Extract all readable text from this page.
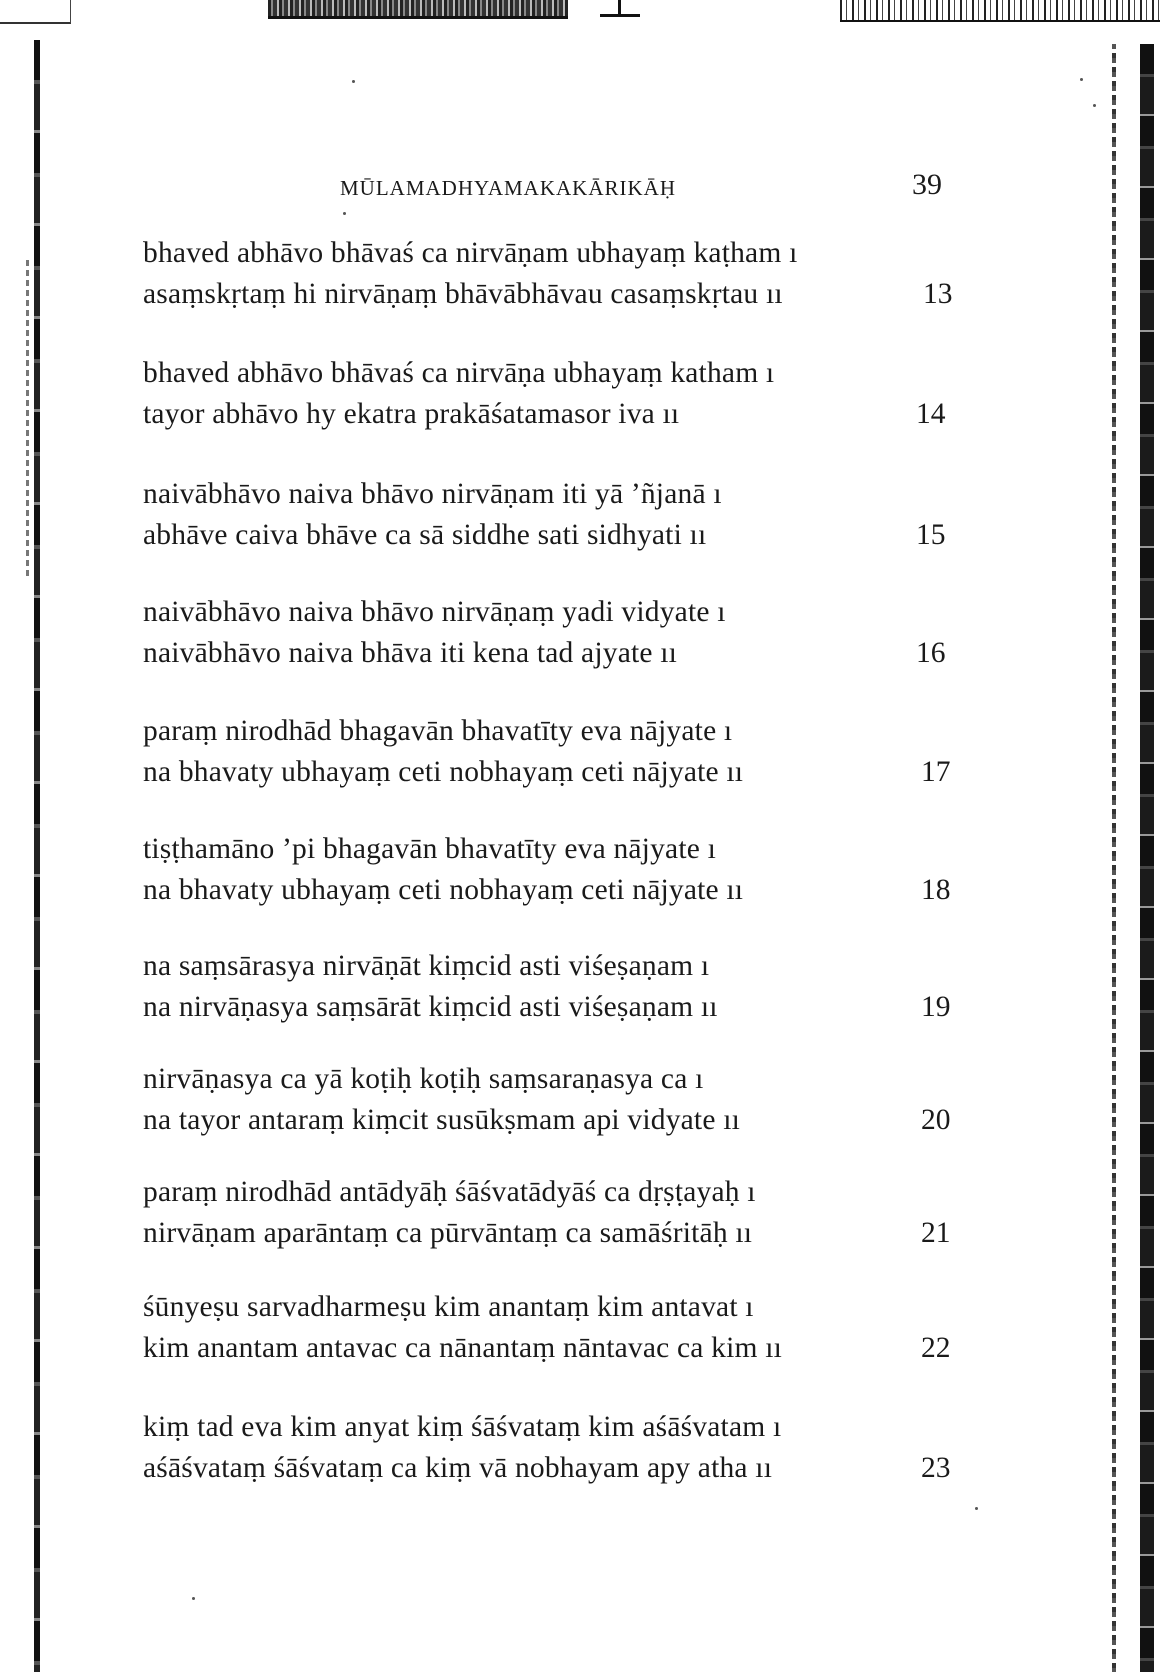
MŪLAMADHYAMAKAKĀRIKĀḤ	39
bhaved abhāvo bhāvaś ca nirvāṇam ubhayaṃ kaṭham ı
asaṃskṛtaṃ hi nirvāṇaṃ bhāvābhāvau casaṃskṛtau ıı	13
bhaved abhāvo bhāvaś ca nirvāṇa ubhayaṃ katham ı
tayor abhāvo hy ekatra prakāśatamasor iva ıı	14
naivābhāvo naiva bhāvo nirvāṇam iti yā ’ñjanā ı
abhāve caiva bhāve ca sā siddhe sati sidhyati ıı	15
naivābhāvo naiva bhāvo nirvāṇaṃ yadi vidyate ı
naivābhāvo naiva bhāva iti kena tad ajyate ıı	16
paraṃ nirodhād bhagavān bhavatīty eva nājyate ı
na bhavaty ubhayaṃ ceti nobhayaṃ ceti nājyate ıı	17
tiṣṭhamāno ’pi bhagavān bhavatīty eva nājyate ı
na bhavaty ubhayaṃ ceti nobhayaṃ ceti nājyate ıı	18
na saṃsārasya nirvāṇāt kiṃcid asti viśeṣaṇam ı
na nirvāṇasya saṃsārāt kiṃcid asti viśeṣaṇam ıı	19
nirvāṇasya ca yā koṭiḥ koṭiḥ saṃsaraṇasya ca ı
na tayor antaraṃ kiṃcit susūkṣmam api vidyate ıı	20
paraṃ nirodhād antādyāḥ śāśvatādyāś ca dṛṣṭayaḥ ı
nirvāṇam aparāntaṃ ca pūrvāntaṃ ca samāśritāḥ ıı	21
śūnyeṣu sarvadharmeṣu kim anantaṃ kim antavat ı
kim anantam antavac ca nānantaṃ nāntavac ca kim ıı	22
kiṃ tad eva kim anyat kiṃ śāśvataṃ kim aśāśvatam ı
aśāśvataṃ śāśvataṃ ca kiṃ vā nobhayam apy atha ıı	23
